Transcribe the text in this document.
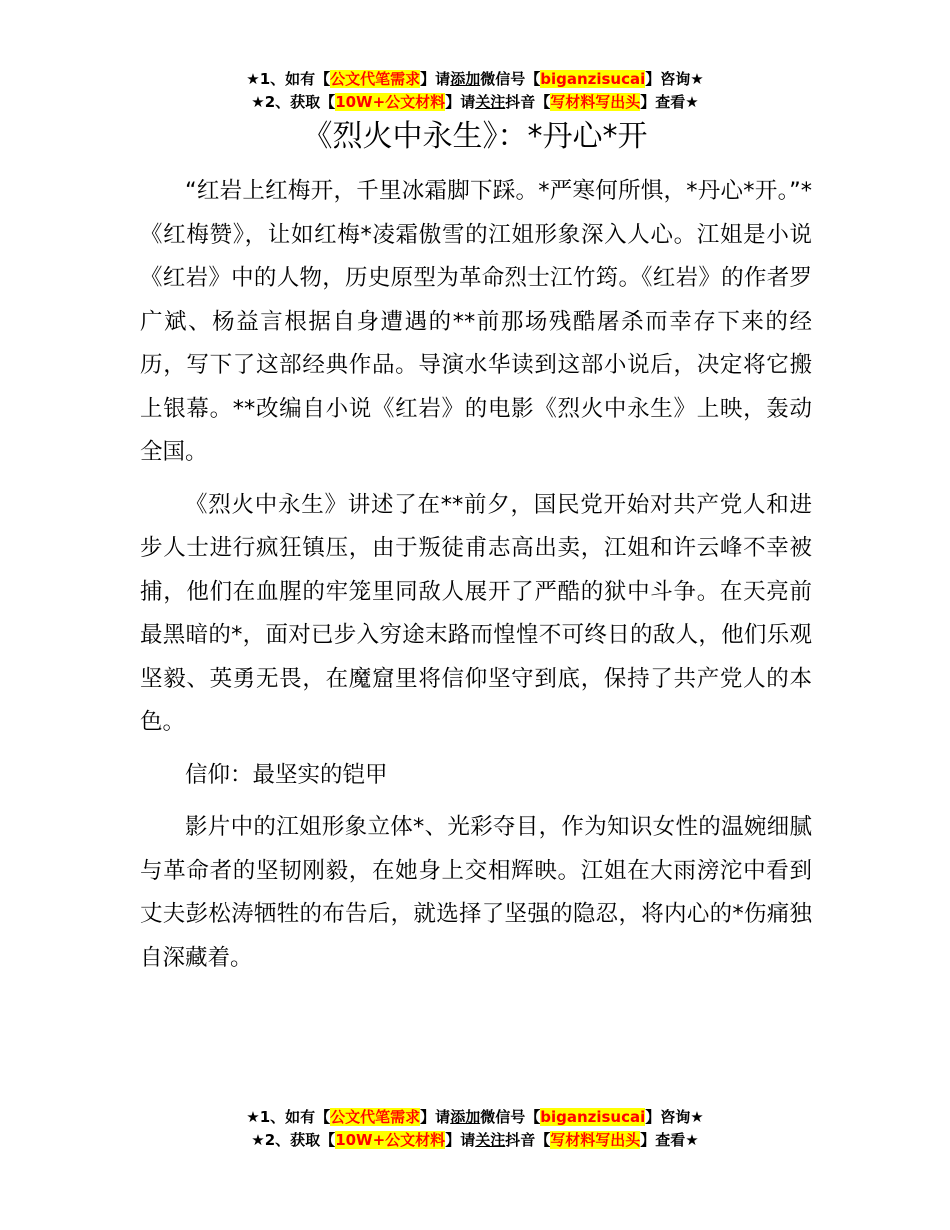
★1、如有【公文代笔需求】请添加微信号【biganzisucai】咨询★
★2、获取【10W+公文材料】请关注抖音【写材料写出头】查看★
《烈火中永生》：*丹心*开

“红岩上红梅开，千里冰霜脚下踩。*严寒何所惧，*丹心*开。”*《红梅赞》，让如红梅*凌霜傲雪的江姐形象深入人心。江姐是小说《红岩》中的人物，历史原型为革命烈士江竹筠。《红岩》的作者罗广斌、杨益言根据自身遭遇的**前那场残酷屠杀而幸存下来的经历，写下了这部经典作品。导演水华读到这部小说后，决定将它搬上银幕。**改编自小说《红岩》的电影《烈火中永生》上映，轰动全国。

《烈火中永生》讲述了在**前夕，国民党开始对共产党人和进步人士进行疯狂镇压，由于叛徒甫志高出卖，江姐和许云峰不幸被捕，他们在血腥的牢笼里同敌人展开了严酷的狱中斗争。在天亮前最黑暗的*，面对已步入穷途末路而惶惶不可终日的敌人，他们乐观坚毅、英勇无畏，在魔窟里将信仰坚守到底，保持了共产党人的本色。

信仰：最坚实的铠甲

影片中的江姐形象立体*、光彩夺目，作为知识女性的温婉细腻与革命者的坚韧刚毅，在她身上交相辉映。江姐在大雨滂沱中看到丈夫彭松涛牺牲的布告后，就选择了坚强的隐忍，将内心的*伤痛独自深藏着。

★1、如有【公文代笔需求】请添加微信号【biganzisucai】咨询★
★2、获取【10W+公文材料】请关注抖音【写材料写出头】查看★
